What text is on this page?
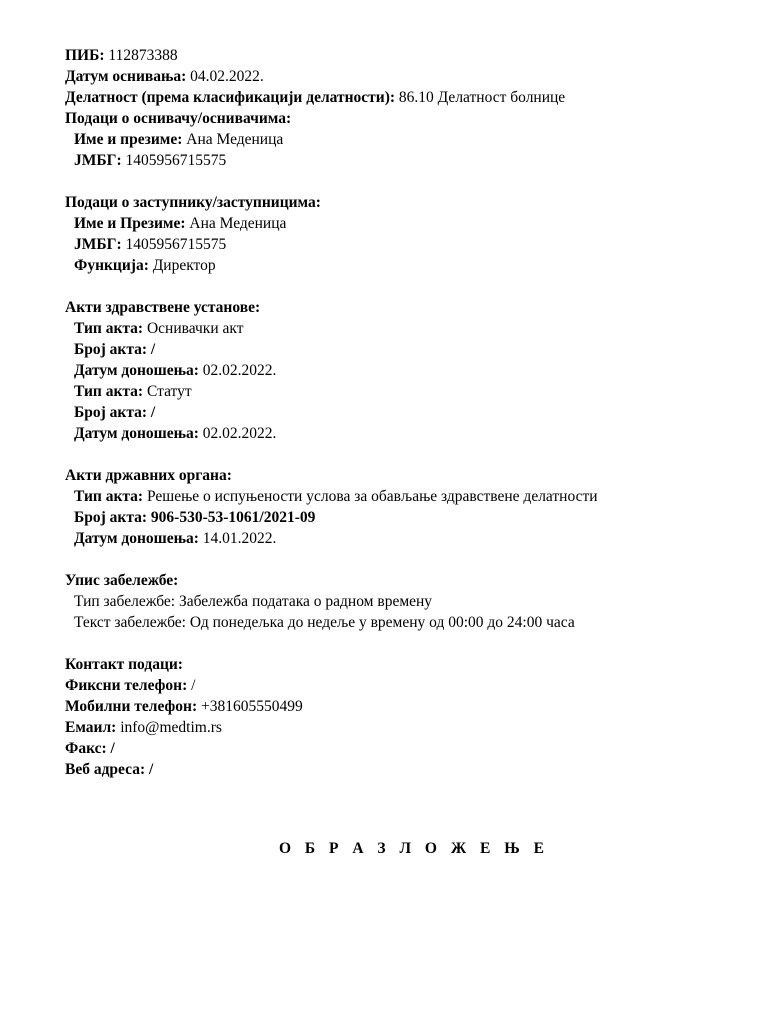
ПИБ: 112873388
Датум оснивања: 04.02.2022.
Делатност (према класификацији делатности): 86.10 Делатност болнице
Подаци о оснивачу/оснивачима:
Име и презиме: Ана Меденица
ЈМБГ: 1405956715575
Подаци о заступнику/заступницима:
Име и Презиме: Ана Меденица
ЈМБГ: 1405956715575
Функција: Директор
Акти здравствене установе:
Тип акта: Оснивачки акт
Број акта: /
Датум доношења: 02.02.2022.
Тип акта: Статут
Број акта: /
Датум доношења: 02.02.2022.
Акти државних органа:
Тип акта: Решење о испуњености услова за обављање здравствене делатности
Број акта: 906-530-53-1061/2021-09
Датум доношења: 14.01.2022.
Упис забележбе:
Тип забележбе: Забележба података о радном времену
Текст забележбе: Од понедељка до недеље у времену од 00:00 до 24:00 часа
Контакт подаци:
Фиксни телефон: /
Мобилни телефон: +381605550499
Емаил: info@medtim.rs
Факс: /
Веб адреса: /
О Б Р А З Л О Ж Е Њ Е
